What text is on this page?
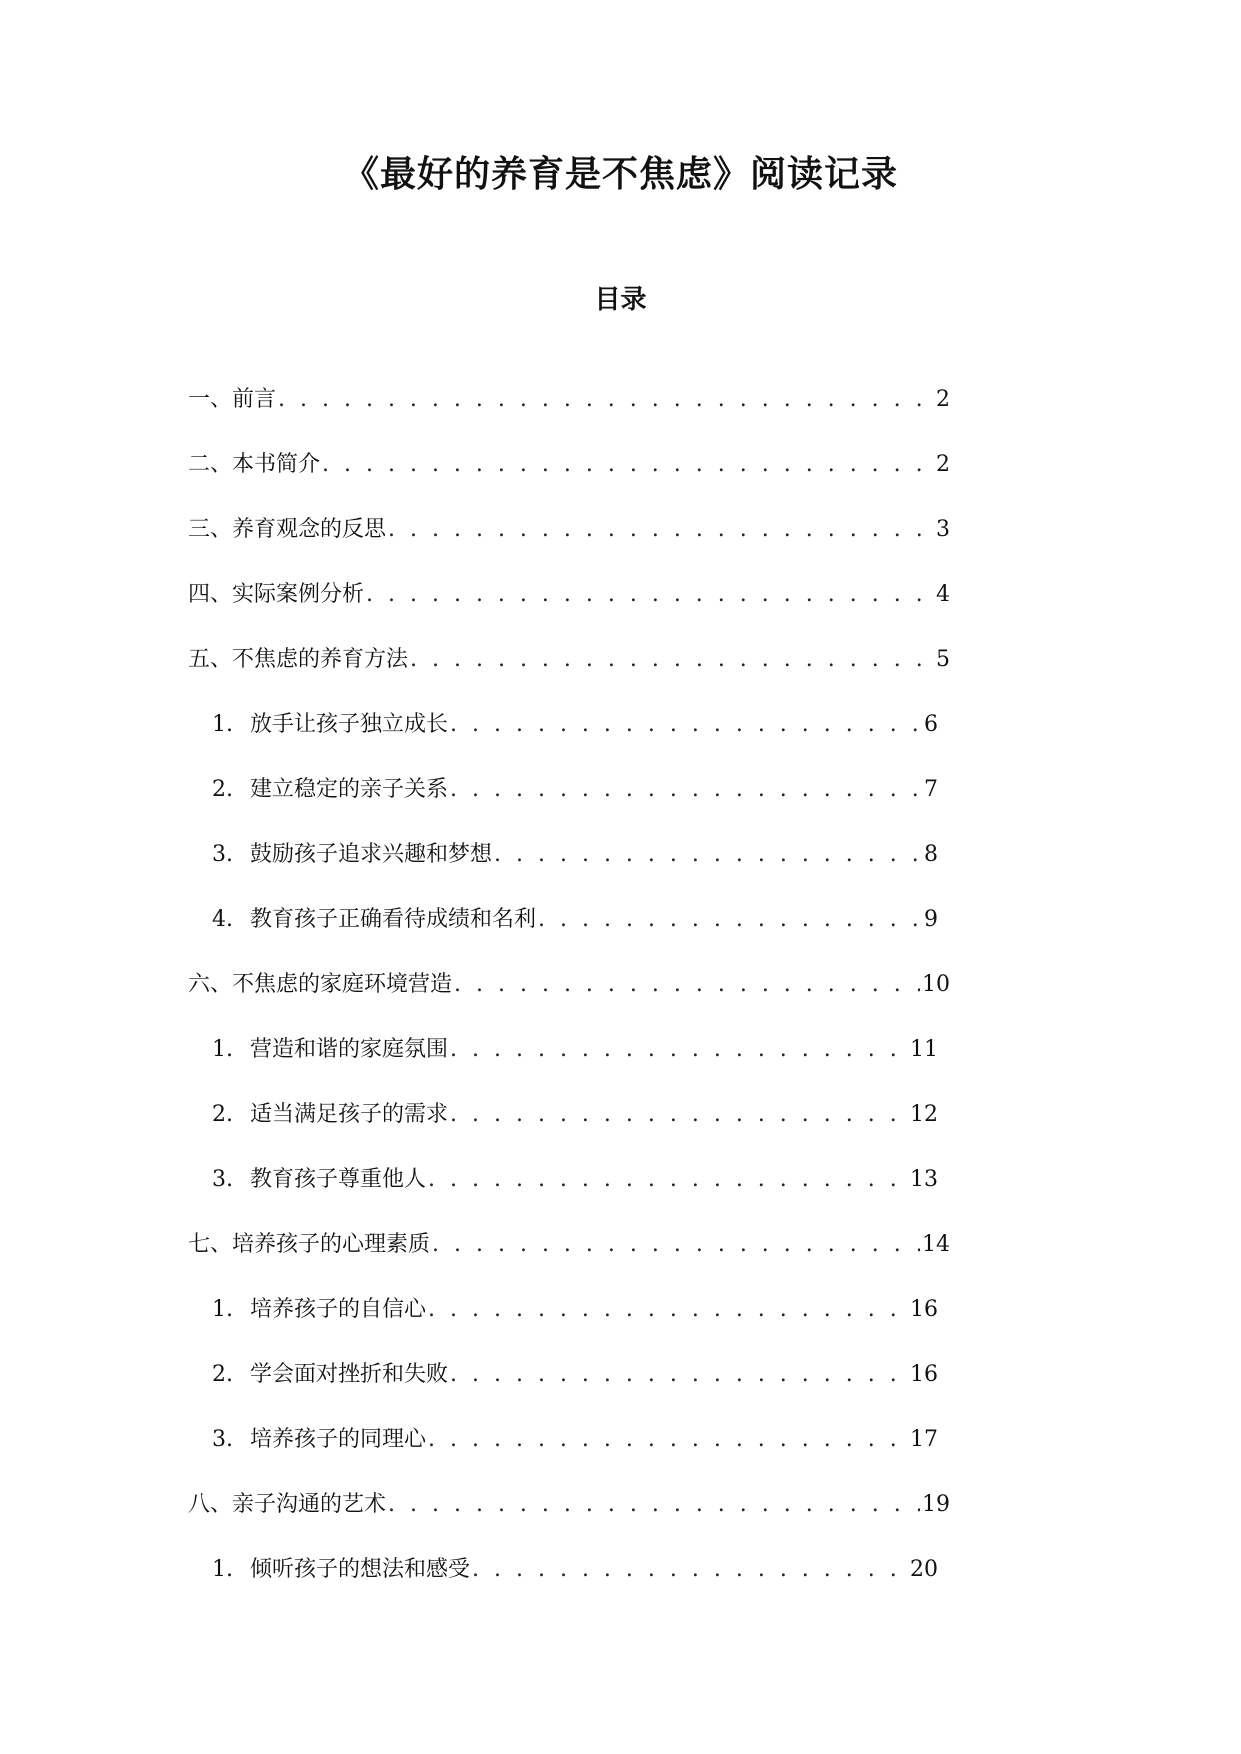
《最好的养育是不焦虑》阅读记录
目录
一、前言 . . .	2
二、本书简介 . . .	2
三、养育观念的反思 . . .	3
四、实际案例分析 . . .	4
五、不焦虑的养育方法 . . .	5
1. 放手让孩子独立成长 . . .	6
2. 建立稳定的亲子关系 . . .	7
3. 鼓励孩子追求兴趣和梦想 . . .	8
4. 教育孩子正确看待成绩和名利 . . .	9
六、不焦虑的家庭环境营造 . . .	10
1. 营造和谐的家庭氛围 . . .	11
2. 适当满足孩子的需求 . . .	12
3. 教育孩子尊重他人 . . .	13
七、培养孩子的心理素质 . . .	14
1. 培养孩子的自信心 . . .	16
2. 学会面对挫折和失败 . . .	16
3. 培养孩子的同理心 . . .	17
八、亲子沟通的艺术 . . .	19
1. 倾听孩子的想法和感受 . . .	20
